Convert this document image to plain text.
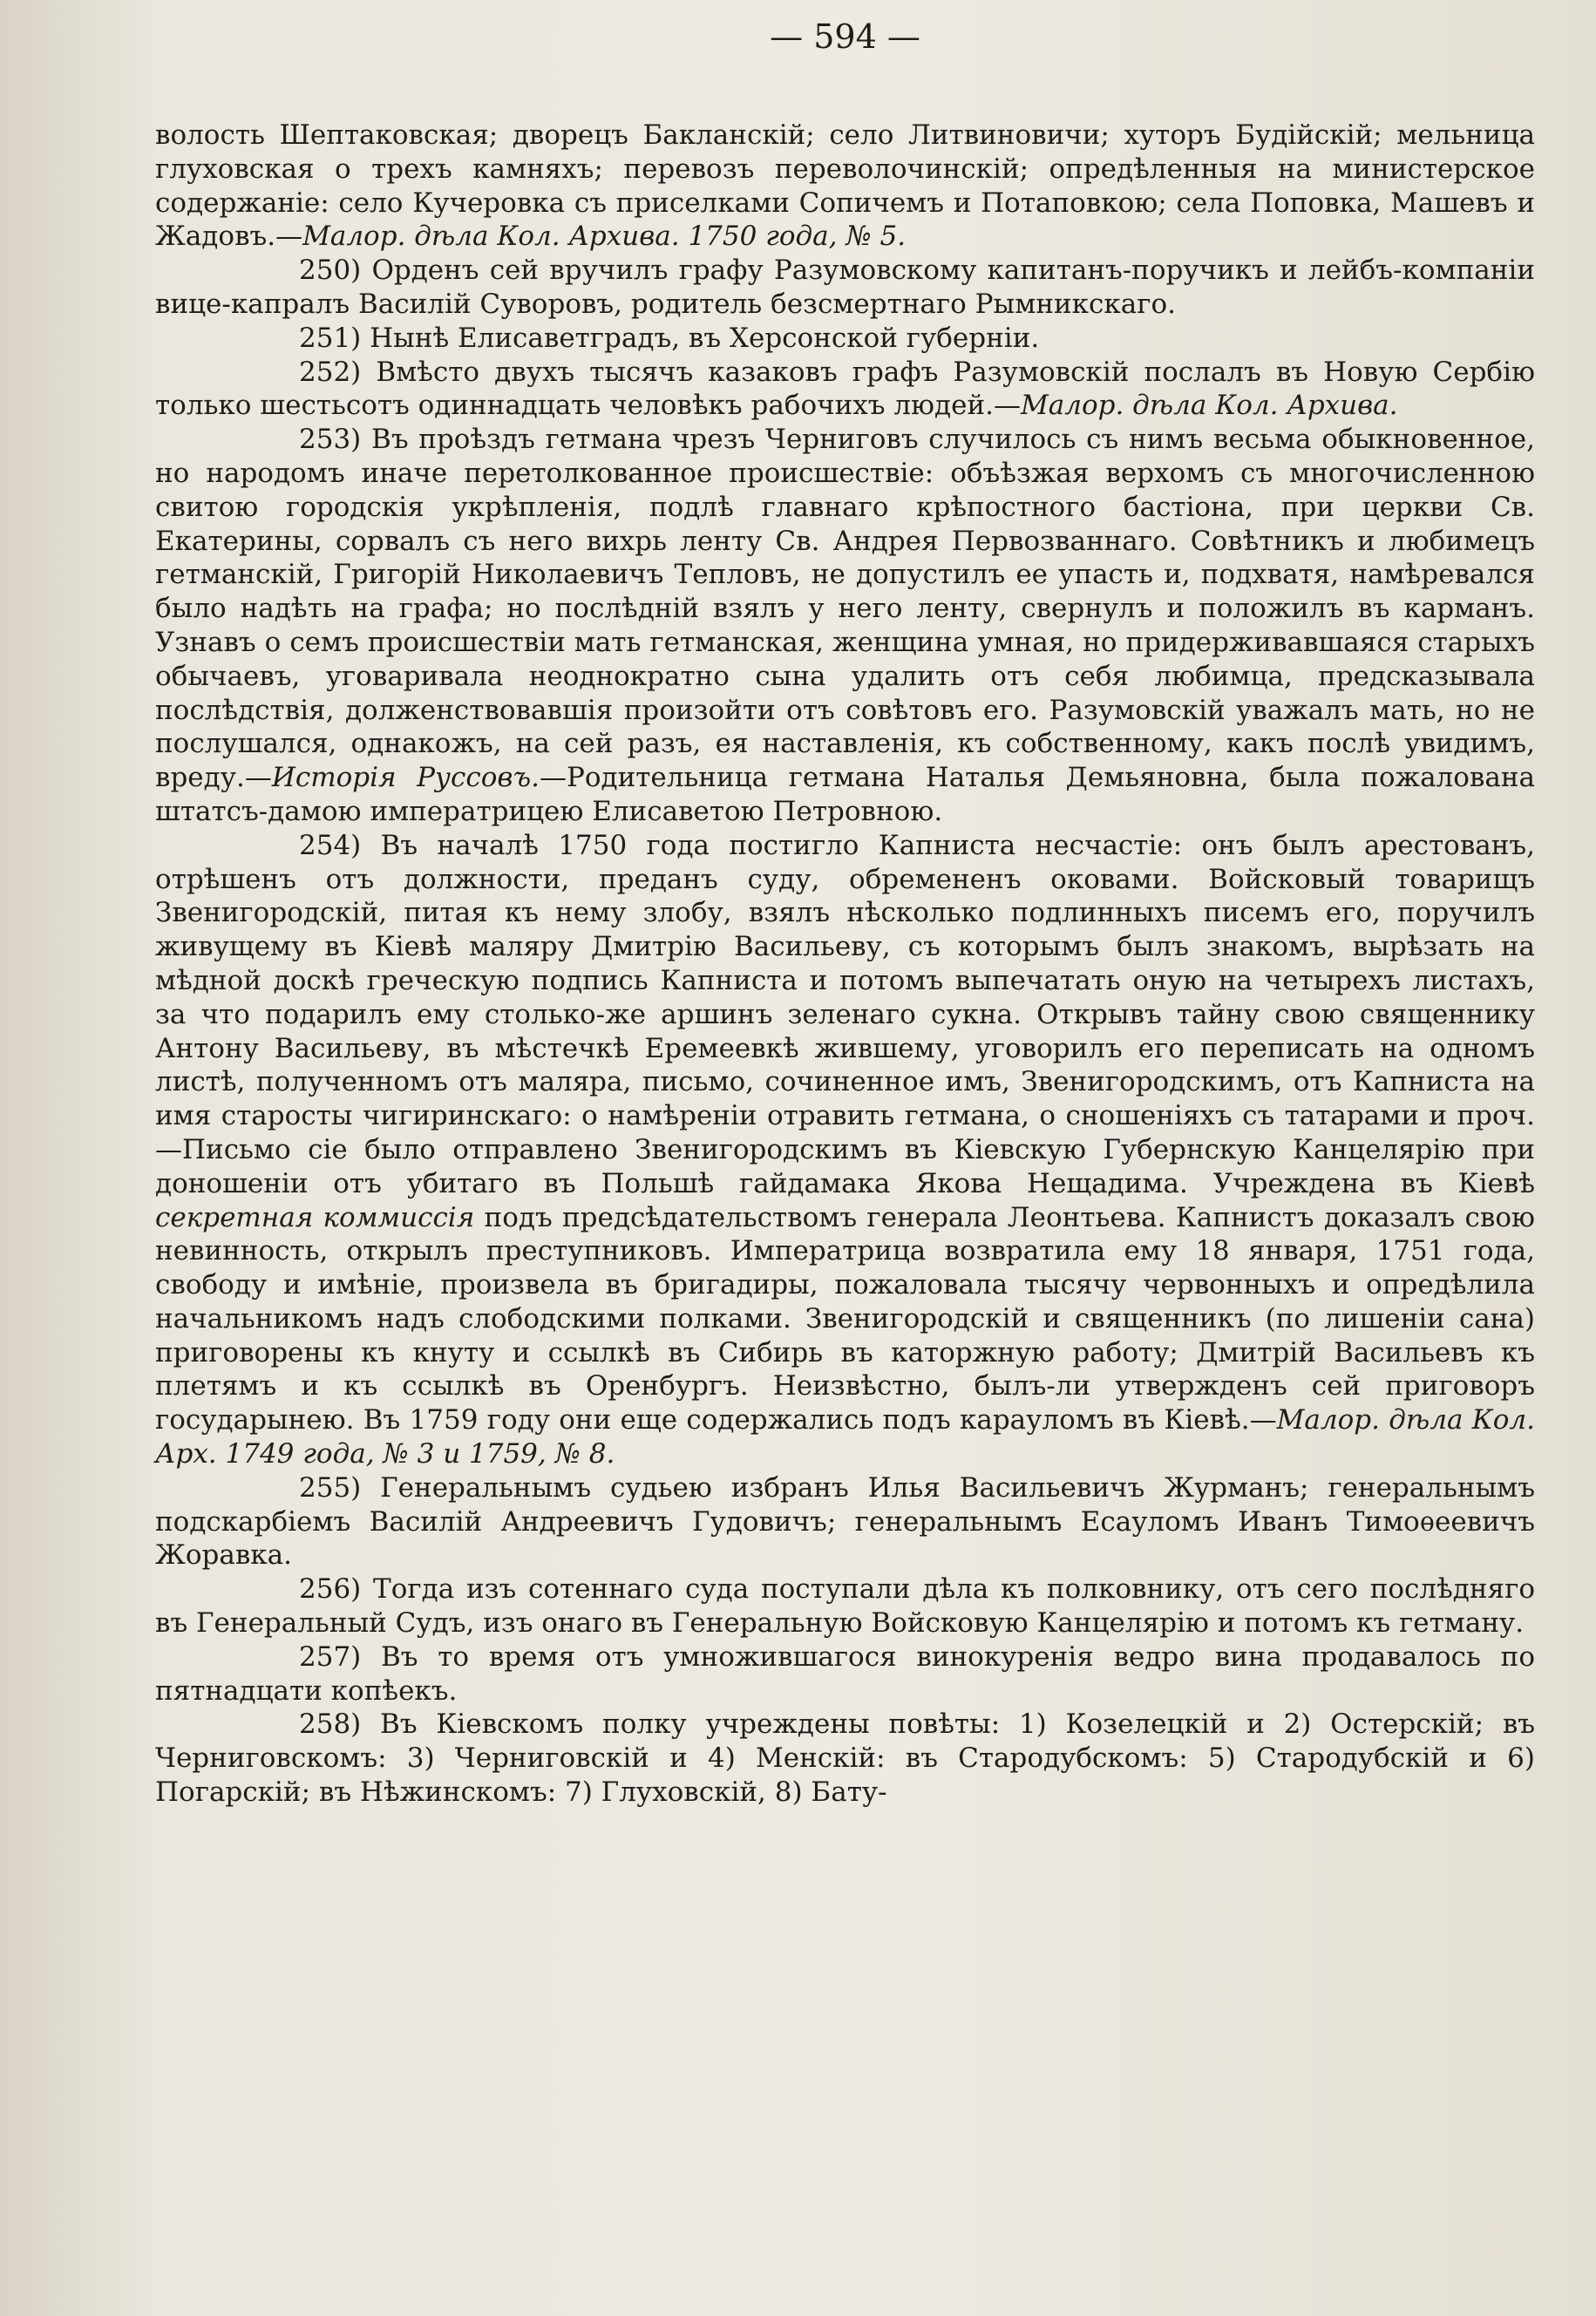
— 594 —

волость Шептаковская; дворецъ Бакланскій; село Литвиновичи; хуторъ Будійскій; мельница глуховская о трехъ камняхъ; перевозъ переволочинскій; опредѣленныя на министерское содержаніе: село Кучеровка съ приселками Сопичемъ и Потаповкою; села Поповка, Машевъ и Жадовъ.—Малор. дѣла Кол. Архива. 1750 года, № 5.

250) Орденъ сей вручилъ графу Разумовскому капитанъ-поручикъ и лейбъ-компаніи вице-капралъ Василій Суворовъ, родитель безсмертнаго Рымникскаго.

251) Нынѣ Елисаветградъ, въ Херсонской губерніи.

252) Вмѣсто двухъ тысячъ казаковъ графъ Разумовскій послалъ въ Новую Сербію только шестьсотъ одиннадцать человѣкъ рабочихъ людей.—Малор. дѣла Кол. Архива.

253) Въ проѣздъ гетмана чрезъ Черниговъ случилось съ нимъ весьма обыкновенное, но народомъ иначе перетолкованное происшествіе: объѣзжая верхомъ съ многочисленною свитою городскія укрѣпленія, подлѣ главнаго крѣпостного бастіона, при церкви Св. Екатерины, сорвалъ съ него вихрь ленту Св. Андрея Первозваннаго. Совѣтникъ и любимецъ гетманскій, Григорій Николаевичъ Тепловъ, не допустилъ ее упасть и, подхватя, намѣревался было надѣть на графа; но послѣдній взялъ у него ленту, свернулъ и положилъ въ карманъ. Узнавъ о семъ происшествіи мать гетманская, женщина умная, но придерживавшаяся старыхъ обычаевъ, уговаривала неоднократно сына удалить отъ себя любимца, предсказывала послѣдствія, долженствовавшія произойти отъ совѣтовъ его. Разумовскій уважалъ мать, но не послушался, однакожъ, на сей разъ, ея наставленія, къ собственному, какъ послѣ увидимъ, вреду.—Исторія Руссовъ.—Родительница гетмана Наталья Демьяновна, была пожалована штатсъ-дамою императрицею Елисаветою Петровною.

254) Въ началѣ 1750 года постигло Капниста несчастіе: онъ былъ арестованъ, отрѣшенъ отъ должности, преданъ суду, обремененъ оковами. Войсковый товарищъ Звенигородскій, питая къ нему злобу, взялъ нѣсколько подлинныхъ писемъ его, поручилъ живущему въ Кіевѣ маляру Дмитрію Васильеву, съ которымъ былъ знакомъ, вырѣзать на мѣдной доскѣ греческую подпись Капниста и потомъ выпечатать оную на четырехъ листахъ, за что подарилъ ему столько-же аршинъ зеленаго сукна. Открывъ тайну свою священнику Антону Васильеву, въ мѣстечкѣ Еремеевкѣ жившему, уговорилъ его переписать на одномъ листѣ, полученномъ отъ маляра, письмо, сочиненное имъ, Звенигородскимъ, отъ Капниста на имя старосты чигиринскаго: о намѣреніи отравить гетмана, о сношеніяхъ съ татарами и проч.—Письмо сіе было отправлено Звенигородскимъ въ Кіевскую Губернскую Канцелярію при доношеніи отъ убитаго въ Польшѣ гайдамака Якова Нещадима. Учреждена въ Кіевѣ секретная коммиссія подъ предсѣдательствомъ генерала Леонтьева. Капнистъ доказалъ свою невинность, открылъ преступниковъ. Императрица возвратила ему 18 января, 1751 года, свободу и имѣніе, произвела въ бригадиры, пожаловала тысячу червонныхъ и опредѣлила начальникомъ надъ слободскими полками. Звенигородскій и священникъ (по лишеніи сана) приговорены къ кнуту и ссылкѣ въ Сибирь въ каторжную работу; Дмитрій Васильевъ къ плетямъ и къ ссылкѣ въ Оренбургъ. Неизвѣстно, былъ-ли утвержденъ сей приговоръ государынею. Въ 1759 году они еще содержались подъ карауломъ въ Кіевѣ.—Малор. дѣла Кол. Арх. 1749 года, № 3 и 1759, № 8.

255) Генеральнымъ судьею избранъ Илья Васильевичъ Журманъ; генеральнымъ подскарбіемъ Василій Андреевичъ Гудовичъ; генеральнымъ Есауломъ Иванъ Тимоѳеевичъ Жоравка.

256) Тогда изъ сотеннаго суда поступали дѣла къ полковнику, отъ сего послѣдняго въ Генеральный Судъ, изъ онаго въ Генеральную Войсковую Канцелярію и потомъ къ гетману.

257) Въ то время отъ умножившагося винокуренія ведро вина продавалось по пятнадцати копѣекъ.

258) Въ Кіевскомъ полку учреждены повѣты: 1) Козелецкій и 2) Остерскій; въ Черниговскомъ: 3) Черниговскій и 4) Менскій: въ Стародубскомъ: 5) Стародубскій и 6) Погарскій; въ Нѣжинскомъ: 7) Глуховскій, 8) Бату-
